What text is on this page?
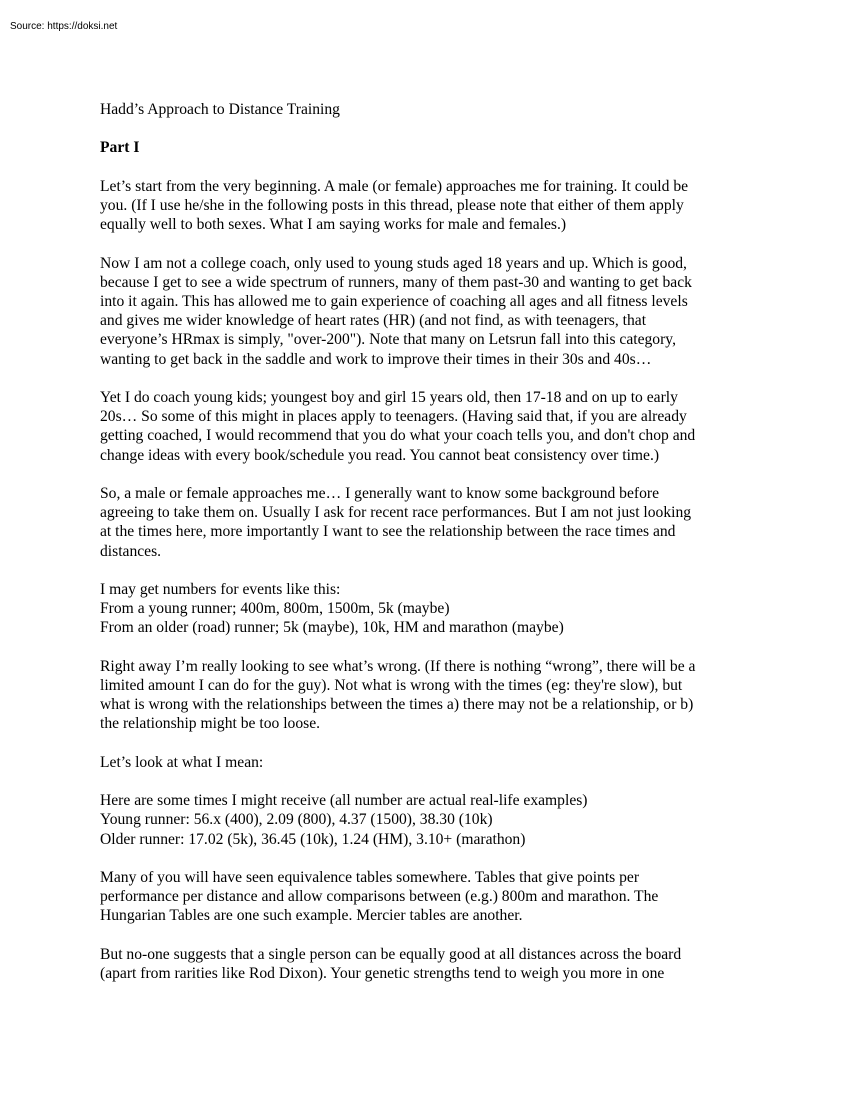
Source: https://doksi.net

Hadd’s Approach to Distance Training

Part I

Let’s start from the very beginning. A male (or female) approaches me for training. It could be
you. (If I use he/she in the following posts in this thread, please note that either of them apply
equally well to both sexes. What I am saying works for male and females.)

Now I am not a college coach, only used to young studs aged 18 years and up. Which is good,
because I get to see a wide spectrum of runners, many of them past-30 and wanting to get back
into it again. This has allowed me to gain experience of coaching all ages and all fitness levels
and gives me wider knowledge of heart rates (HR) (and not find, as with teenagers, that
everyone’s HRmax is simply, "over-200"). Note that many on Letsrun fall into this category,
wanting to get back in the saddle and work to improve their times in their 30s and 40s…

Yet I do coach young kids; youngest boy and girl 15 years old, then 17-18 and on up to early
20s… So some of this might in places apply to teenagers. (Having said that, if you are already
getting coached, I would recommend that you do what your coach tells you, and don't chop and
change ideas with every book/schedule you read. You cannot beat consistency over time.)

So, a male or female approaches me… I generally want to know some background before
agreeing to take them on. Usually I ask for recent race performances. But I am not just looking
at the times here, more importantly I want to see the relationship between the race times and
distances.

I may get numbers for events like this:
From a young runner; 400m, 800m, 1500m, 5k (maybe)
From an older (road) runner; 5k (maybe), 10k, HM and marathon (maybe)

Right away I’m really looking to see what’s wrong. (If there is nothing “wrong”, there will be a
limited amount I can do for the guy). Not what is wrong with the times (eg: they're slow), but
what is wrong with the relationships between the times a) there may not be a relationship, or b)
the relationship might be too loose.

Let’s look at what I mean:

Here are some times I might receive (all number are actual real-life examples)
Young runner: 56.x (400), 2.09 (800), 4.37 (1500), 38.30 (10k)
Older runner: 17.02 (5k), 36.45 (10k), 1.24 (HM), 3.10+ (marathon)

Many of you will have seen equivalence tables somewhere. Tables that give points per
performance per distance and allow comparisons between (e.g.) 800m and marathon. The
Hungarian Tables are one such example. Mercier tables are another.

But no-one suggests that a single person can be equally good at all distances across the board
(apart from rarities like Rod Dixon). Your genetic strengths tend to weigh you more in one
